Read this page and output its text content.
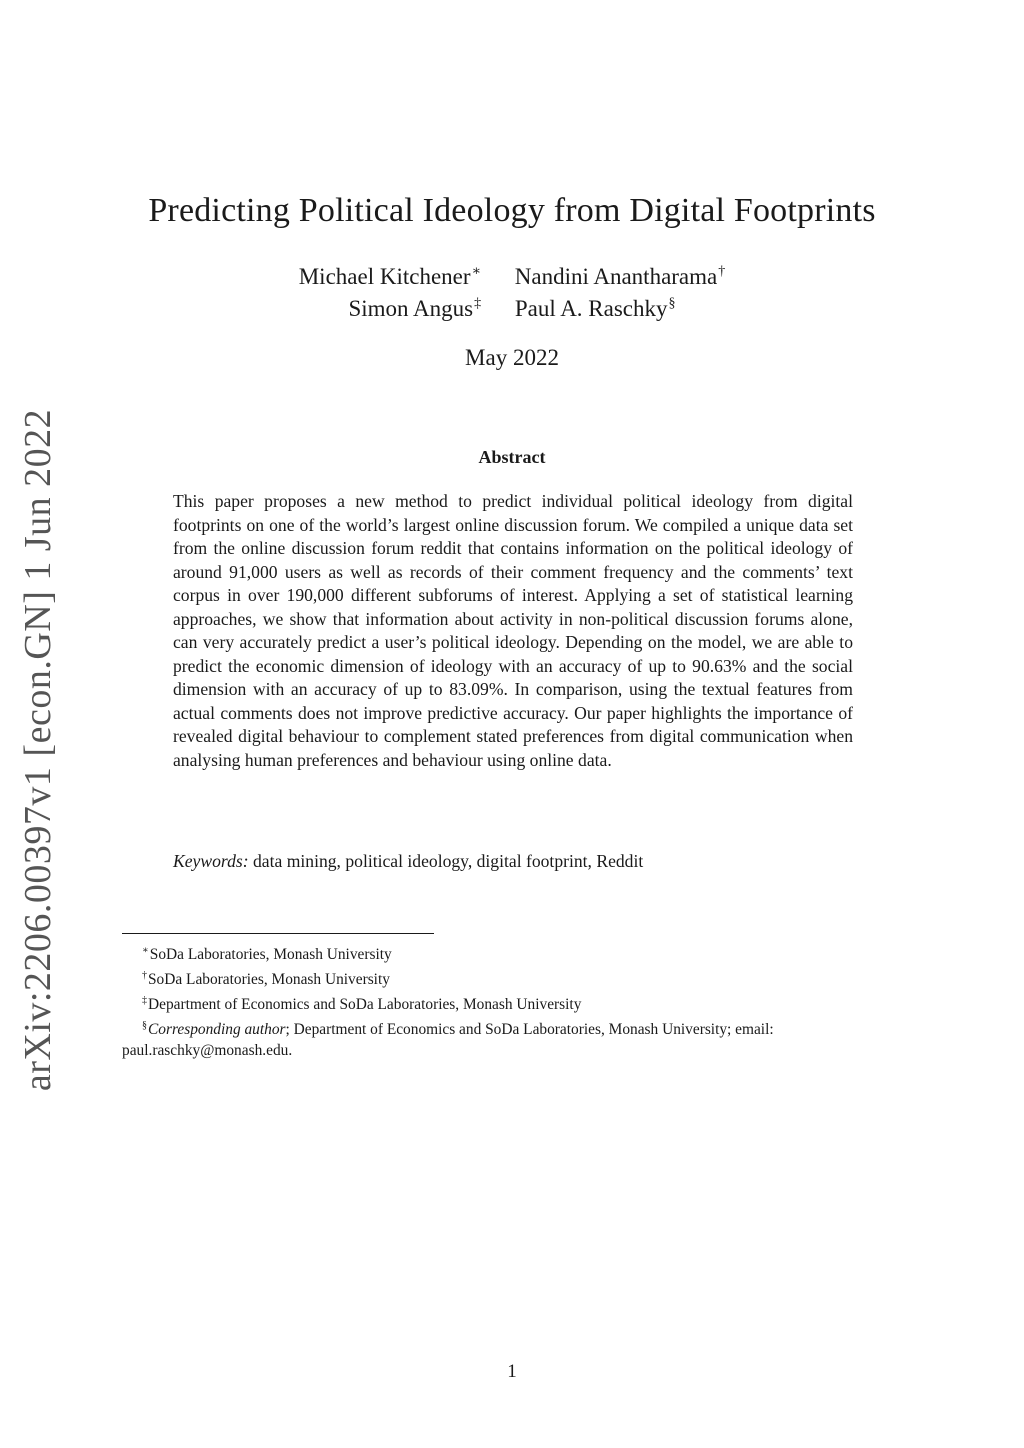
arXiv:2206.00397v1 [econ.GN] 1 Jun 2022
Predicting Political Ideology from Digital Footprints
Michael Kitchener∗ Nandini Anantharama†
Simon Angus‡ Paul A. Raschky§
May 2022
Abstract

This paper proposes a new method to predict individual political ideology from digital footprints on one of the world’s largest online discussion forum. We compiled a unique data set from the online discussion forum reddit that contains information on the political ideology of around 91,000 users as well as records of their comment frequency and the comments’ text corpus in over 190,000 different subforums of interest. Applying a set of statistical learning approaches, we show that information about activity in non-political discussion forums alone, can very accurately predict a user’s political ideology. Depending on the model, we are able to predict the economic dimension of ideology with an accuracy of up to 90.63% and the social dimension with an accuracy of up to 83.09%. In comparison, using the textual features from actual comments does not improve predictive accuracy. Our paper highlights the importance of revealed digital behaviour to complement stated preferences from digital communication when analysing human preferences and behaviour using online data.

Keywords: data mining, political ideology, digital footprint, Reddit

∗SoDa Laboratories, Monash University

†SoDa Laboratories, Monash University

‡Department of Economics and SoDa Laboratories, Monash University

§Corresponding author; Department of Economics and SoDa Laboratories, Monash University; email: paul.raschky@monash.edu.

1
